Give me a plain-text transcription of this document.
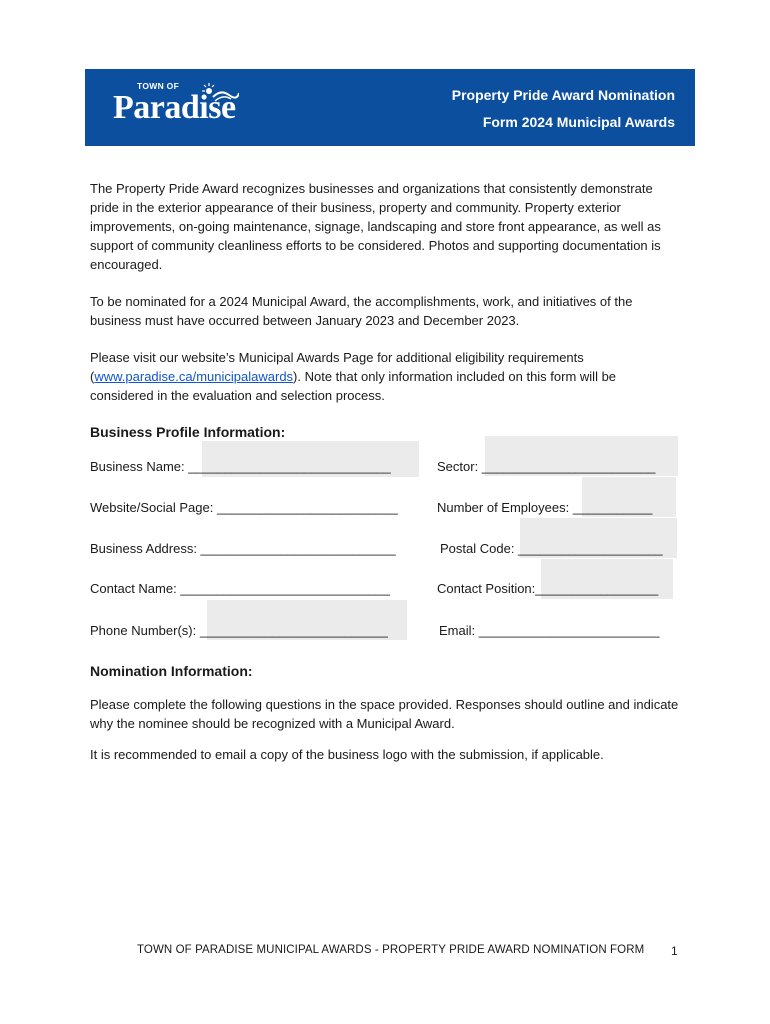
TOWN OF
Paradise	Property Pride Award Nomination
Form 2024 Municipal Awards

The Property Pride Award recognizes businesses and organizations that consistently demonstrate pride in the exterior appearance of their business, property and community. Property exterior improvements, on-going maintenance, signage, landscaping and store front appearance, as well as support of community cleanliness efforts to be considered. Photos and supporting documentation is encouraged.

To be nominated for a 2024 Municipal Award, the accomplishments, work, and initiatives of the business must have occurred between January 2023 and December 2023.

Please visit our website’s Municipal Awards Page for additional eligibility requirements (www.paradise.ca/municipalawards). Note that only information included on this form will be considered in the evaluation and selection process.

Business Profile Information:
Business Name: ____________________________	Sector: ________________________
Website/Social Page: _________________________	Number of Employees: ___________
Business Address: ___________________________	Postal Code: ____________________
Contact Name: _____________________________	Contact Position:_________________
Phone Number(s): __________________________	Email: _________________________
Nomination Information:

Please complete the following questions in the space provided. Responses should outline and indicate why the nominee should be recognized with a Municipal Award.

It is recommended to email a copy of the business logo with the submission, if applicable.

TOWN OF PARADISE MUNICIPAL AWARDS - PROPERTY PRIDE AWARD NOMINATION FORM 1
